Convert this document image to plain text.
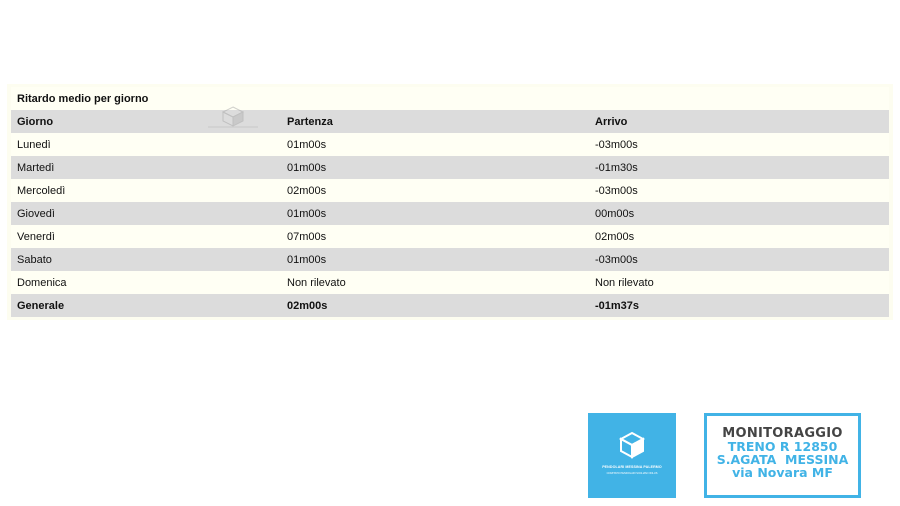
Ritardo medio per giorno		
Giorno	Partenza	Arrivo
Lunedì	01m00s	-03m00s
Martedì	01m00s	-01m30s
Mercoledì	02m00s	-03m00s
Giovedì	01m00s	00m00s
Venerdì	07m00s	02m00s
Sabato	01m00s	-03m00s
Domenica	Non rilevato	Non rilevato
Generale	02m00s	-01m37s
PENDOLARI MESSINA PALERMO
COMITATO PENDOLARI SICILIANI ONLUS
MONITORAGGIO
TRENO R 12850
S.AGATA  MESSINA
via Novara MF
